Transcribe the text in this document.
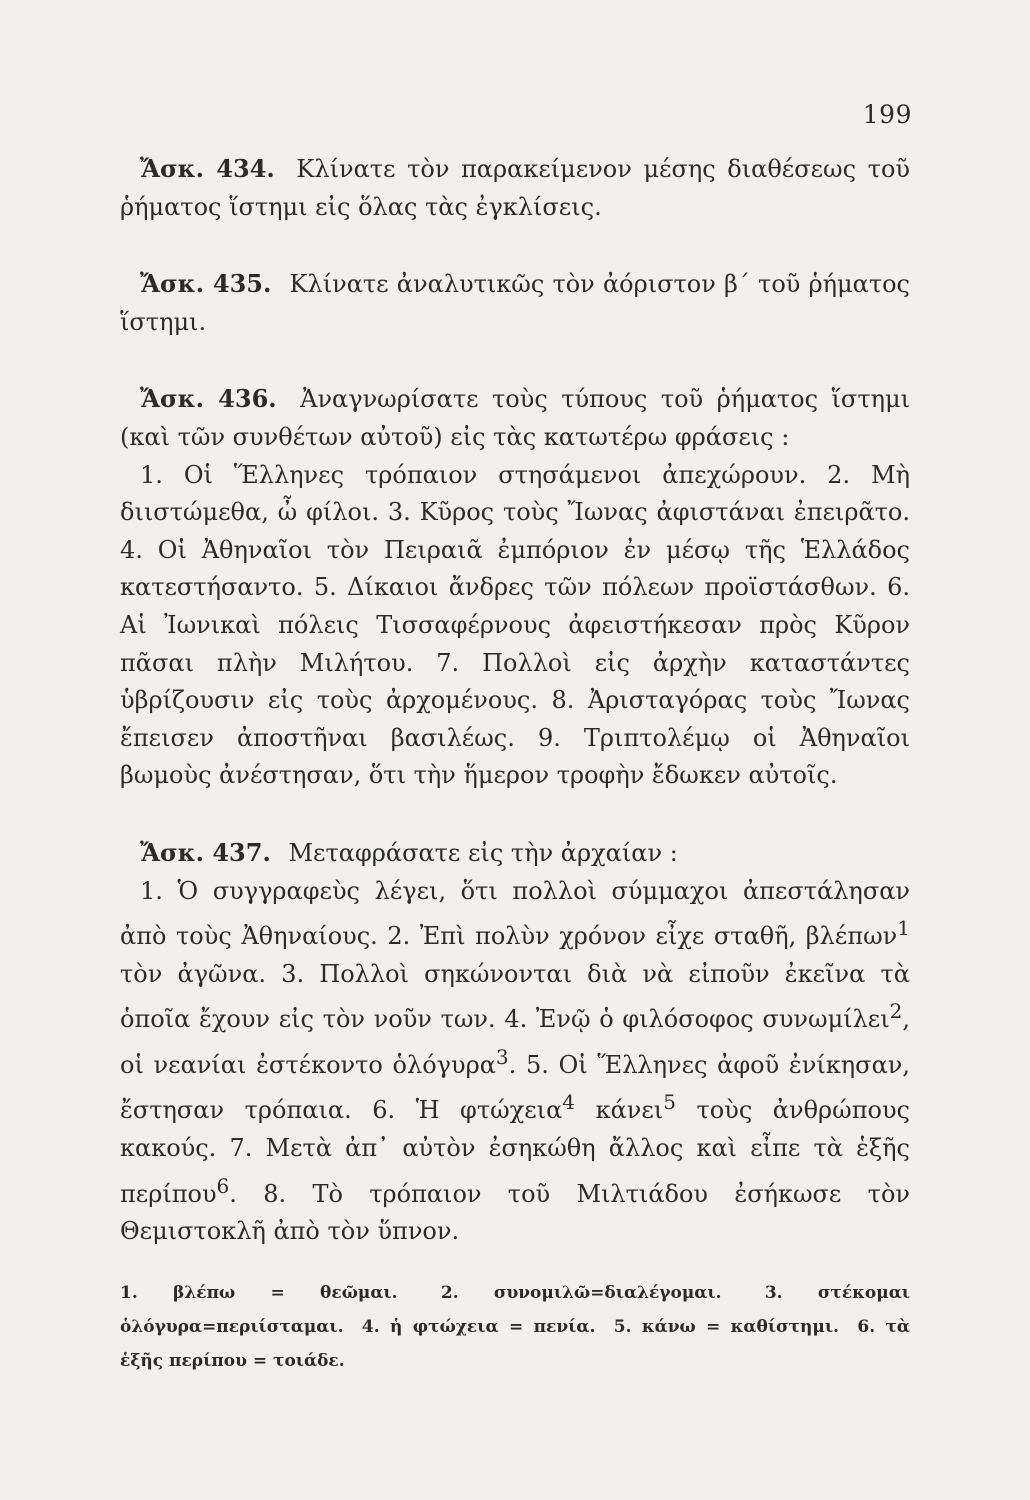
199

Ἄσκ. 434. Κλίνατε τὸν παρακείμενον μέσης διαθέσεως τοῦ ῥήματος ἵστημι εἰς ὅλας τὰς ἐγκλίσεις.

Ἄσκ. 435. Κλίνατε ἀναλυτικῶς τὸν ἀόριστον β΄ τοῦ ῥήματος ἵστημι.

Ἄσκ. 436. Ἀναγνωρίσατε τοὺς τύπους τοῦ ῥήματος ἵστημι (καὶ τῶν συνθέτων αὐτοῦ) εἰς τὰς κατωτέρω φράσεις :

1. Οἱ Ἕλληνες τρόπαιον στησάμενοι ἀπεχώρουν. 2. Μὴ διιστώμεθα, ὦ φίλοι. 3. Κῦρος τοὺς Ἴωνας ἀφιστάναι ἐπειρᾶτο. 4. Οἱ Ἀθηναῖοι τὸν Πειραιᾶ ἐμπόριον ἐν μέσῳ τῆς Ἑλλάδος κατεστήσαντο. 5. Δίκαιοι ἄνδρες τῶν πόλεων προϊστάσθων. 6. Αἱ Ἰωνικαὶ πόλεις Τισσαφέρνους ἀφειστήκεσαν πρὸς Κῦρον πᾶσαι πλὴν Μιλήτου. 7. Πολλοὶ εἰς ἀρχὴν καταστάντες ὑβρίζουσιν εἰς τοὺς ἀρχομένους. 8. Ἀρισταγόρας τοὺς Ἴωνας ἔπεισεν ἀποστῆναι βασιλέως. 9. Τριπτολέμῳ οἱ Ἀθηναῖοι βωμοὺς ἀνέστησαν, ὅτι τὴν ἥμερον τροφὴν ἔδωκεν αὐτοῖς.

Ἄσκ. 437. Μεταφράσατε εἰς τὴν ἀρχαίαν :

1. Ὁ συγγραφεὺς λέγει, ὅτι πολλοὶ σύμμαχοι ἀπεστάλησαν ἀπὸ τοὺς Ἀθηναίους. 2. Ἐπὶ πολὺν χρόνον εἶχε σταθῆ, βλέπων$^1$ τὸν ἀγῶνα. 3. Πολλοὶ σηκώνονται διὰ νὰ εἰποῦν ἐκεῖνα τὰ ὁποῖα ἔχουν εἰς τὸν νοῦν των. 4. Ἐνῷ ὁ φιλόσοφος συνωμίλει$^2$, οἱ νεανίαι ἐστέκοντο ὁλόγυρα$^3$. 5. Οἱ Ἕλληνες ἀφοῦ ἐνίκησαν, ἔστησαν τρόπαια. 6. Ἡ φτώχεια$^4$ κάνει$^5$ τοὺς ἀνθρώπους κακούς. 7. Μετὰ ἀπ᾿ αὐτὸν ἐσηκώθη ἄλλος καὶ εἶπε τὰ ἑξῆς περίπου$^6$. 8. Τὸ τρόπαιον τοῦ Μιλτιάδου ἐσήκωσε τὸν Θεμιστοκλῆ ἀπὸ τὸν ὕπνον.

1. βλέπω = θεῶμαι.	2. συνομιλῶ=διαλέγομαι.	3. στέκομαι ὁλόγυρα=περιίσταμαι. 4. ἡ φτώχεια = πενία. 5. κάνω = καθίστημι. 6. τὰ ἑξῆς περίπου = τοιάδε.
